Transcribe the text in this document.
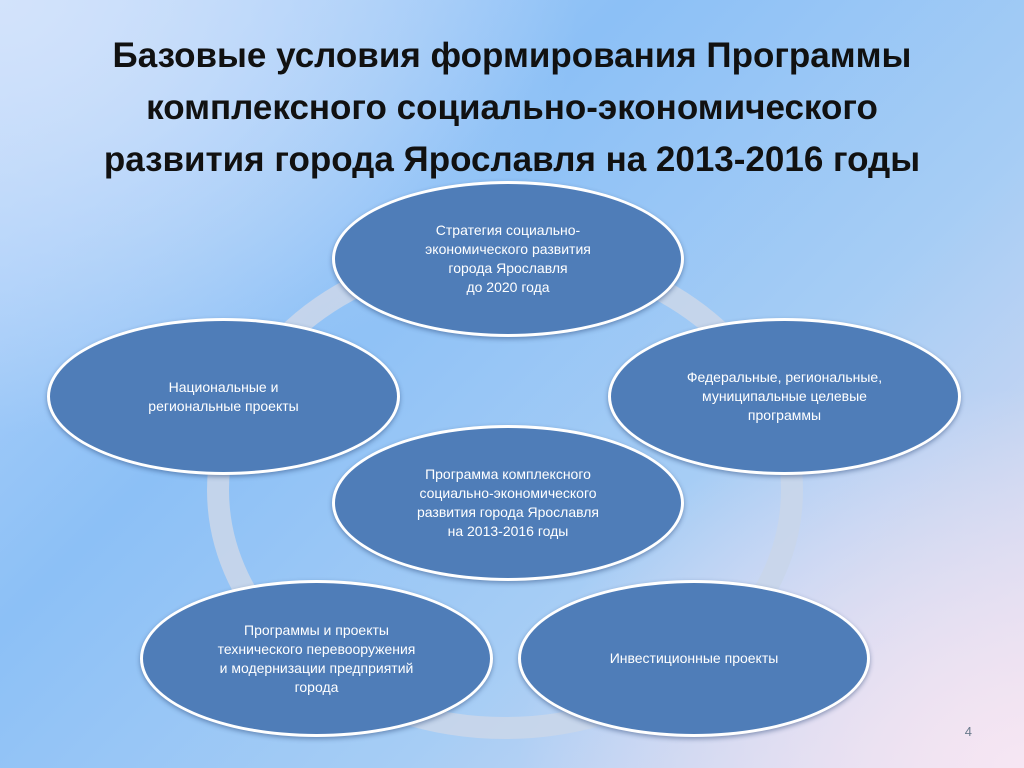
Базовые условия формирования Программы
комплексного социально-экономического
развития города Ярославля на 2013-2016 годы
Стратегия социально-
экономического развития
города Ярославля
до 2020 года
Национальные и
региональные проекты
Федеральные, региональные,
муниципальные целевые
программы
Программа комплексного
социально-экономического
развития города Ярославля
на 2013-2016 годы
Программы и проекты
технического перевооружения
и модернизации предприятий
города
Инвестиционные проекты
4
